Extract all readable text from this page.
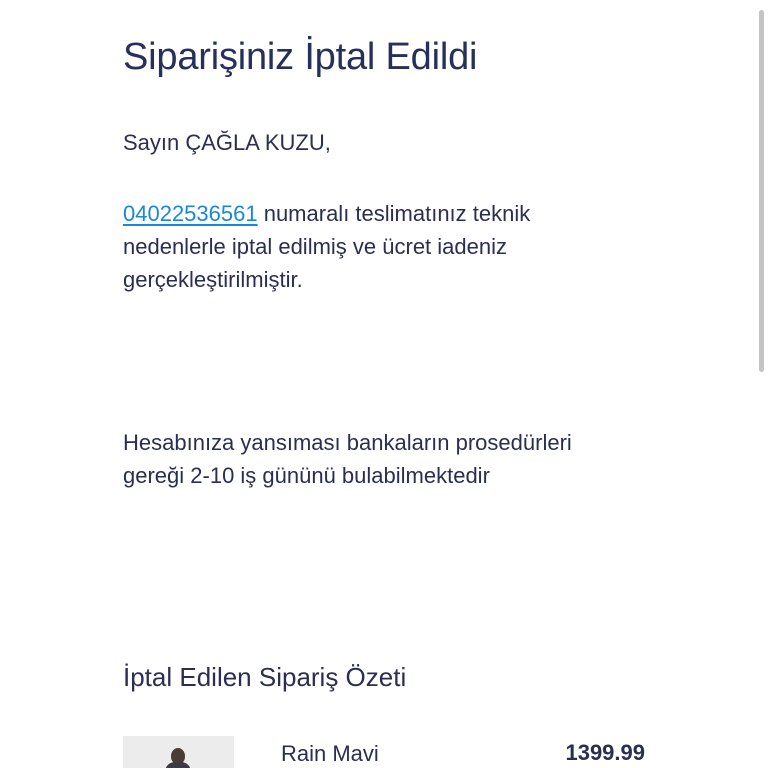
Siparişiniz İptal Edildi
Sayın ÇAĞLA KUZU,
04022536561 numaralı teslimatınız teknik
nedenlerle iptal edilmiş ve ücret iadeniz
gerçekleştirilmiştir.
Hesabınıza yansıması bankaların prosedürleri
gereği 2-10 iş gününü bulabilmektedir
İptal Edilen Sipariş Özeti
Rain Mavi	1399.99
